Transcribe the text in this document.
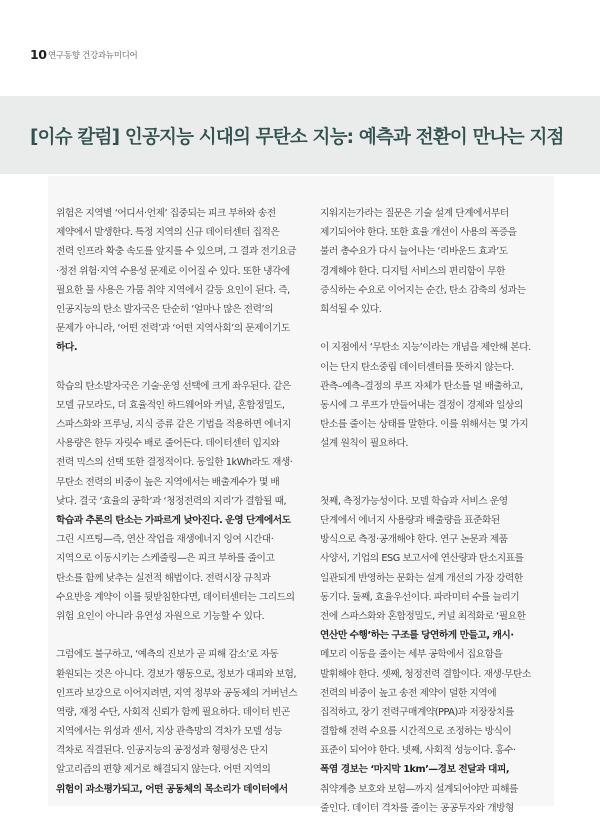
10 연구동향 건강과뉴미디어
[이슈 칼럼] 인공지능 시대의 무탄소 지능: 예측과 전환이 만나는 지점
위험은 지역별 ‘어디서·언제’ 집중되는 피크 부하와 송전
제약에서 발생한다. 특정 지역의 신규 데이터센터 집적은
전력 인프라 확충 속도를 앞지를 수 있으며, 그 결과 전기요금
·정전 위험·지역 수용성 문제로 이어질 수 있다. 또한 냉각에
필요한 물 사용은 가뭄 취약 지역에서 갈등 요인이 된다. 즉,
인공지능의 탄소 발자국은 단순히 ‘얼마나 많은 전력’의
문제가 아니라, ‘어떤 전력’과 ‘어떤 지역사회’의 문제이기도
하다.
학습의 탄소발자국은 기술·운영 선택에 크게 좌우된다. 같은
모델 규모라도, 더 효율적인 하드웨어와 커널, 혼합정밀도,
스파스화와 프루닝, 지식 증류 같은 기법을 적용하면 에너지
사용량은 한두 자릿수 배로 줄어든다. 데이터센터 입지와
전력 믹스의 선택 또한 결정적이다. 동일한 1kWh라도 재생·
무탄소 전력의 비중이 높은 지역에서는 배출계수가 몇 배
낮다. 결국 ‘효율의 공학’과 ‘청정전력의 지리’가 결합될 때,
학습과 추론의 탄소는 가파르게 낮아진다. 운영 단계에서도
그린 시프팅—즉, 연산 작업을 재생에너지 잉여 시간대·
지역으로 이동시키는 스케줄링—은 피크 부하를 줄이고
탄소를 함께 낮추는 실전적 해법이다. 전력시장 규칙과
수요반응 계약이 이를 뒷받침한다면, 데이터센터는 그리드의
위험 요인이 아니라 유연성 자원으로 기능할 수 있다.
그럼에도 불구하고, ‘예측의 진보가 곧 피해 감소’로 자동
환원되는 것은 아니다. 경보가 행동으로, 정보가 대피와 보험,
인프라 보강으로 이어지려면, 지역 정부와 공동체의 거버넌스
역량, 재정 수단, 사회적 신뢰가 함께 필요하다. 데이터 빈곤
지역에서는 위성과 센서, 지상 관측망의 격차가 모델 성능
격차로 직결된다. 인공지능의 공정성과 형평성은 단지
알고리즘의 편향 제거로 해결되지 않는다. 어떤 지역의
위험이 과소평가되고, 어떤 공동체의 목소리가 데이터에서
지워지는가라는 질문은 기술 설계 단계에서부터
제기되어야 한다. 또한 효율 개선이 사용의 폭증을
불러 총수요가 다시 늘어나는 ‘리바운드 효과’도
경계해야 한다. 디지털 서비스의 편리함이 무한
증식하는 수요로 이어지는 순간, 탄소 감축의 성과는
희석될 수 있다.
이 지점에서 ‘무탄소 지능’이라는 개념을 제안해 본다.
이는 단지 탄소중립 데이터센터를 뜻하지 않는다.
관측–예측–결정의 루프 자체가 탄소를 덜 배출하고,
동시에 그 루프가 만들어내는 결정이 경제와 일상의
탄소를 줄이는 상태를 말한다. 이를 위해서는 몇 가지
설계 원칙이 필요하다.
첫째, 측정가능성이다. 모델 학습과 서비스 운영
단계에서 에너지 사용량과 배출량을 표준화된
방식으로 측정·공개해야 한다. 연구 논문과 제품
사양서, 기업의 ESG 보고서에 연산량과 탄소지표를
일관되게 반영하는 문화는 설계 개선의 가장 강력한
동기다. 둘째, 효율우선이다. 파라미터 수를 늘리기
전에 스파스화와 혼합정밀도, 커널 최적화로 ‘필요한
연산만 수행’하는 구조를 당연하게 만들고, 캐시·
메모리 이동을 줄이는 세부 공학에서 집요함을
발휘해야 한다. 셋째, 청정전력 결합이다. 재생·무탄소
전력의 비중이 높고 송전 제약이 덜한 지역에
집적하고, 장기 전력구매계약(PPA)과 저장장치를
결합해 전력 수요를 시간적으로 조정하는 방식이
표준이 되어야 한다. 넷째, 사회적 성능이다. 홍수·
폭염 경보는 ‘마지막 1km’—경보 전달과 대피,
취약계층 보호와 보험—까지 설계되어야만 피해를
줄인다. 데이터 격차를 줄이는 공공투자와 개방형
